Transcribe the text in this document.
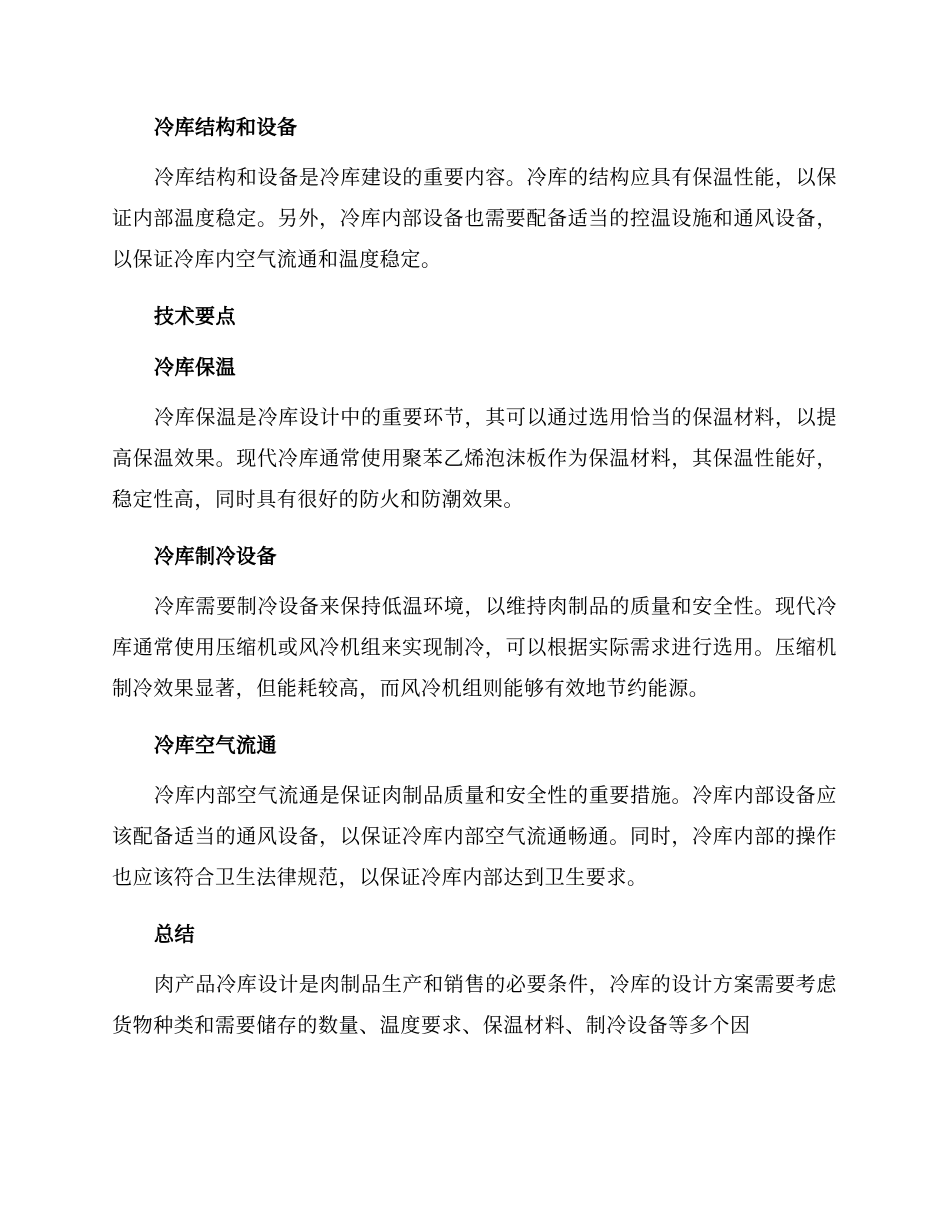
冷库结构和设备

冷库结构和设备是冷库建设的重要内容。冷库的结构应具有保温性能，以保证内部温度稳定。另外，冷库内部设备也需要配备适当的控温设施和通风设备，以保证冷库内空气流通和温度稳定。

技术要点
冷库保温

冷库保温是冷库设计中的重要环节，其可以通过选用恰当的保温材料，以提高保温效果。现代冷库通常使用聚苯乙烯泡沫板作为保温材料，其保温性能好，稳定性高，同时具有很好的防火和防潮效果。

冷库制冷设备

冷库需要制冷设备来保持低温环境，以维持肉制品的质量和安全性。现代冷库通常使用压缩机或风冷机组来实现制冷，可以根据实际需求进行选用。压缩机制冷效果显著，但能耗较高，而风冷机组则能够有效地节约能源。

冷库空气流通

冷库内部空气流通是保证肉制品质量和安全性的重要措施。冷库内部设备应该配备适当的通风设备，以保证冷库内部空气流通畅通。同时，冷库内部的操作也应该符合卫生法律规范，以保证冷库内部达到卫生要求。

总结

肉产品冷库设计是肉制品生产和销售的必要条件，冷库的设计方案需要考虑货物种类和需要储存的数量、温度要求、保温材料、制冷设备等多个因
